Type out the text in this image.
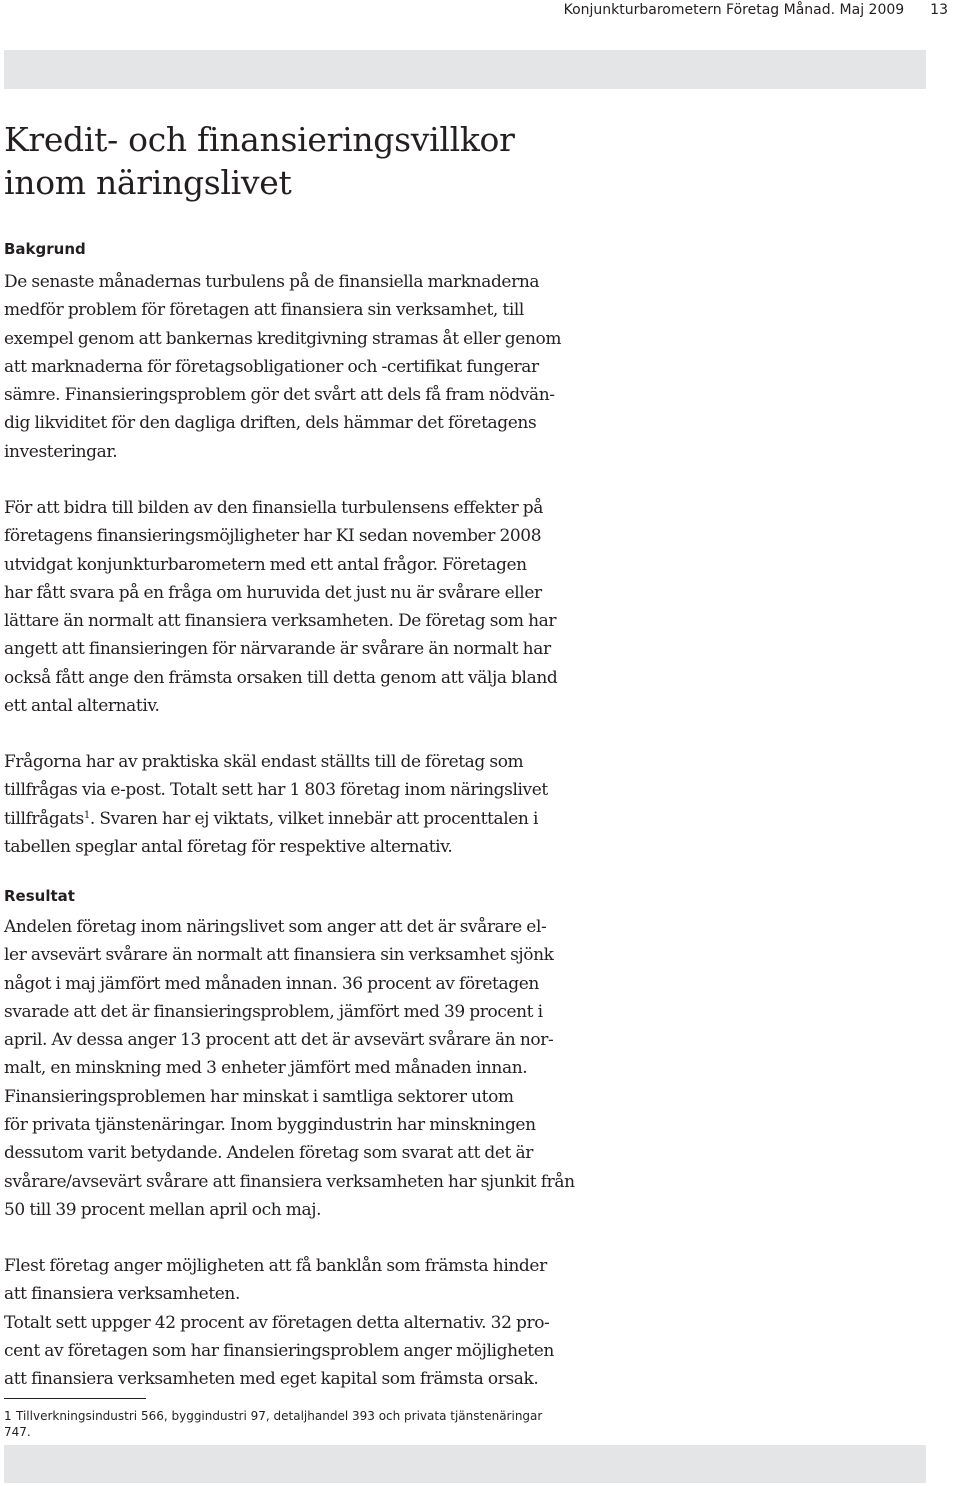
Konjunkturbarometern Företag Månad. Maj 2009 13
Kredit- och finansieringsvillkor
inom näringslivet
Bakgrund

De senaste månadernas turbulens på de finansiella marknaderna
medför problem för företagen att finansiera sin verksamhet, till
exempel genom att bankernas kreditgivning stramas åt eller genom
att marknaderna för företagsobligationer och -certifikat fungerar
sämre. Finansieringsproblem gör det svårt att dels få fram nödvän-
dig likviditet för den dagliga driften, dels hämmar det företagens
investeringar.

För att bidra till bilden av den finansiella turbulensens effekter på
företagens finansieringsmöjligheter har KI sedan november 2008
utvidgat konjunkturbarometern med ett antal frågor. Företagen
har fått svara på en fråga om huruvida det just nu är svårare eller
lättare än normalt att finansiera verksamheten. De företag som har
angett att finansieringen för närvarande är svårare än normalt har
också fått ange den främsta orsaken till detta genom att välja bland
ett antal alternativ.

Frågorna har av praktiska skäl endast ställts till de företag som
tillfrågas via e-post. Totalt sett har 1 803 företag inom näringslivet
tillfrågats$^1$. Svaren har ej viktats, vilket innebär att procenttalen i
tabellen speglar antal företag för respektive alternativ.

Resultat

Andelen företag inom näringslivet som anger att det är svårare el-
ler avsevärt svårare än normalt att finansiera sin verksamhet sjönk
något i maj jämfört med månaden innan. 36 procent av företagen
svarade att det är finansieringsproblem, jämfört med 39 procent i
april. Av dessa anger 13 procent att det är avsevärt svårare än nor-
malt, en minskning med 3 enheter jämfört med månaden innan.
Finansieringsproblemen har minskat i samtliga sektorer utom
för privata tjänstenäringar. Inom byggindustrin har minskningen
dessutom varit betydande. Andelen företag som svarat att det är
svårare/avsevärt svårare att finansiera verksamheten har sjunkit från
50 till 39 procent mellan april och maj.

Flest företag anger möjligheten att få banklån som främsta hinder
att finansiera verksamheten.
Totalt sett uppger 42 procent av företagen detta alternativ. 32 pro-
cent av företagen som har finansieringsproblem anger möjligheten
att finansiera verksamheten med eget kapital som främsta orsak.

1 Tillverkningsindustri 566, byggindustri 97, detaljhandel 393 och privata tjänstenäringar
747.
